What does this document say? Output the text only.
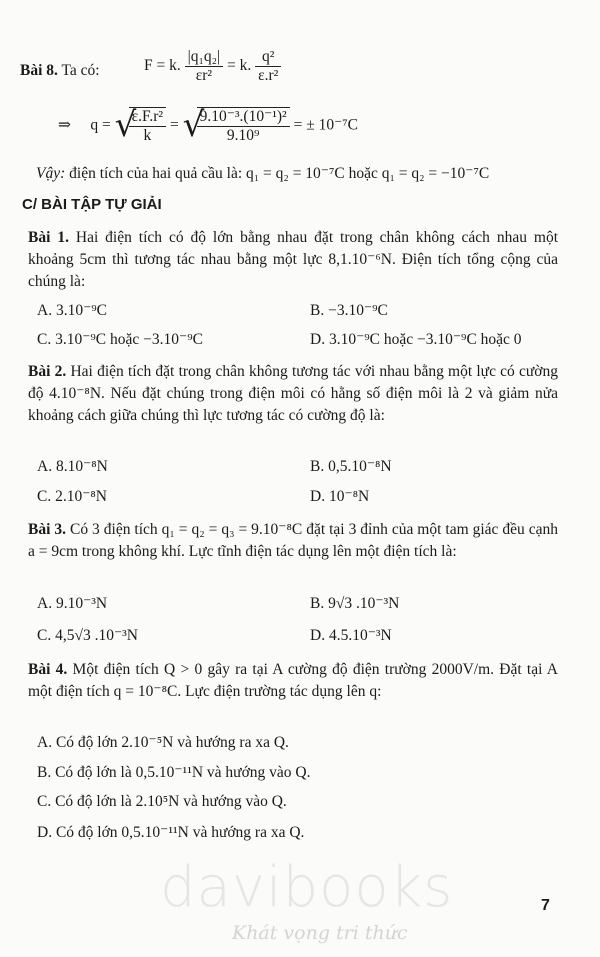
Bài 8. Ta có:	F = k. $\frac{\text{|q₁q₂|}}{\text{εr²}} = k$. $\frac{\text{q²}}{\text{ε.r²}}$
⇒ q = √
$\frac{\text{ε.F.r²}}{k}$ = √
$\frac{\text{9.10⁻³.(10⁻¹)²}}{\text{9.10⁹}}$ = ± 10⁻⁷C
Vậy: điện tích của hai quả cầu là: q₁ = q₂ = 10⁻⁷C hoặc q₁ = q₂ = −10⁻⁷C
C/ BÀI TẬP TỰ GIẢI
Bài 1. Hai điện tích có độ lớn bằng nhau đặt trong chân không cách nhau một khoảng 5cm thì tương tác nhau bằng một lực 8,1.10⁻⁶N. Điện tích tổng cộng của chúng là:
A. 3.10⁻⁹C	B. −3.10⁻⁹C
C. 3.10⁻⁹C hoặc −3.10⁻⁹C	D. 3.10⁻⁹C hoặc −3.10⁻⁹C hoặc 0
Bài 2. Hai điện tích đặt trong chân không tương tác với nhau bằng một lực có cường độ 4.10⁻⁸N. Nếu đặt chúng trong điện môi có hằng số điện môi là 2 và giảm nửa khoảng cách giữa chúng thì lực tương tác có cường độ là:
A. 8.10⁻⁸N	B. 0,5.10⁻⁸N
C. 2.10⁻⁸N	D. 10⁻⁸N
Bài 3. Có 3 điện tích q₁ = q₂ = q₃ = 9.10⁻⁸C đặt tại 3 đỉnh của một tam giác đều cạnh a = 9cm trong không khí. Lực tĩnh điện tác dụng lên một điện tích là:
A. 9.10⁻³N	B. 9√3 .10⁻³N
C. 4,5√3 .10⁻³N	D. 4.5.10⁻³N
Bài 4. Một điện tích Q > 0 gây ra tại A cường độ điện trường 2000V/m. Đặt tại A một điện tích q = 10⁻⁸C. Lực điện trường tác dụng lên q:
A. Có độ lớn 2.10⁻⁵N và hướng ra xa Q.
B. Có độ lớn là 0,5.10⁻¹¹N và hướng vào Q.
C. Có độ lớn là 2.10⁵N và hướng vào Q.
D. Có độ lớn 0,5.10⁻¹¹N và hướng ra xa Q.
davibooks
Khát vọng tri thức
7
